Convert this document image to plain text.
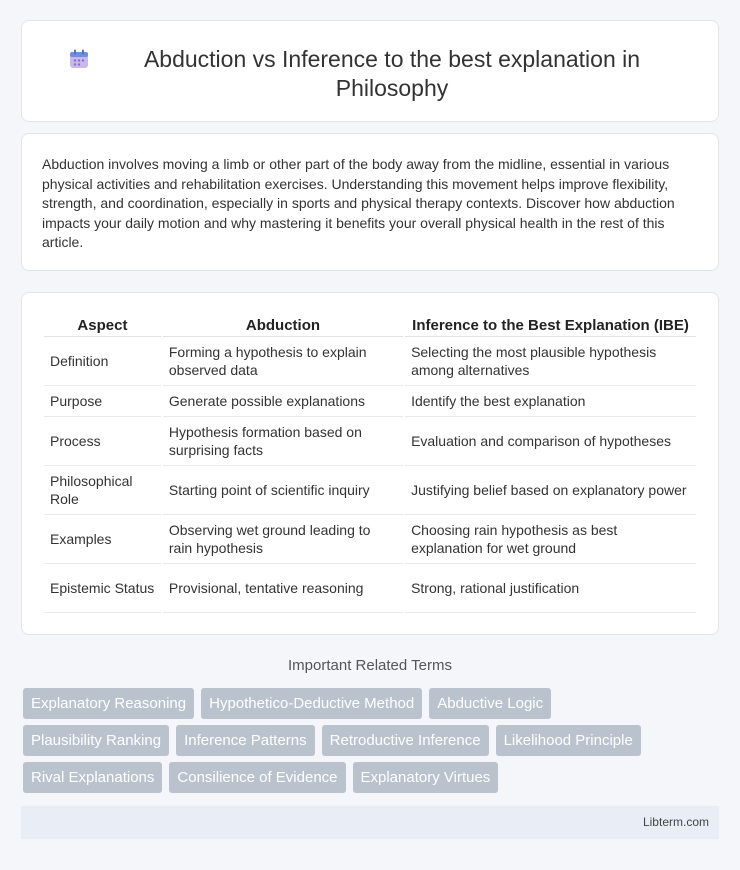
Abduction vs Inference to the best explanation in Philosophy

Abduction involves moving a limb or other part of the body away from the midline, essential in various physical activities and rehabilitation exercises. Understanding this movement helps improve flexibility, strength, and coordination, especially in sports and physical therapy contexts. Discover how abduction impacts your daily motion and why mastering it benefits your overall physical health in the rest of this article.

Aspect	Abduction	Inference to the Best Explanation (IBE)
Definition	Forming a hypothesis to explain observed data	Selecting the most plausible hypothesis among alternatives
Purpose	Generate possible explanations	Identify the best explanation
Process	Hypothesis formation based on surprising facts	Evaluation and comparison of hypotheses
Philosophical Role	Starting point of scientific inquiry	Justifying belief based on explanatory power
Examples	Observing wet ground leading to rain hypothesis	Choosing rain hypothesis as best explanation for wet ground
Epistemic Status	Provisional, tentative reasoning	Strong, rational justification
Important Related Terms
Explanatory Reasoning	Hypothetico-Deductive Method	Abductive Logic
Plausibility Ranking	Inference Patterns	Retroductive Inference	Likelihood Principle
Rival Explanations	Consilience of Evidence	Explanatory Virtues
Libterm.com
